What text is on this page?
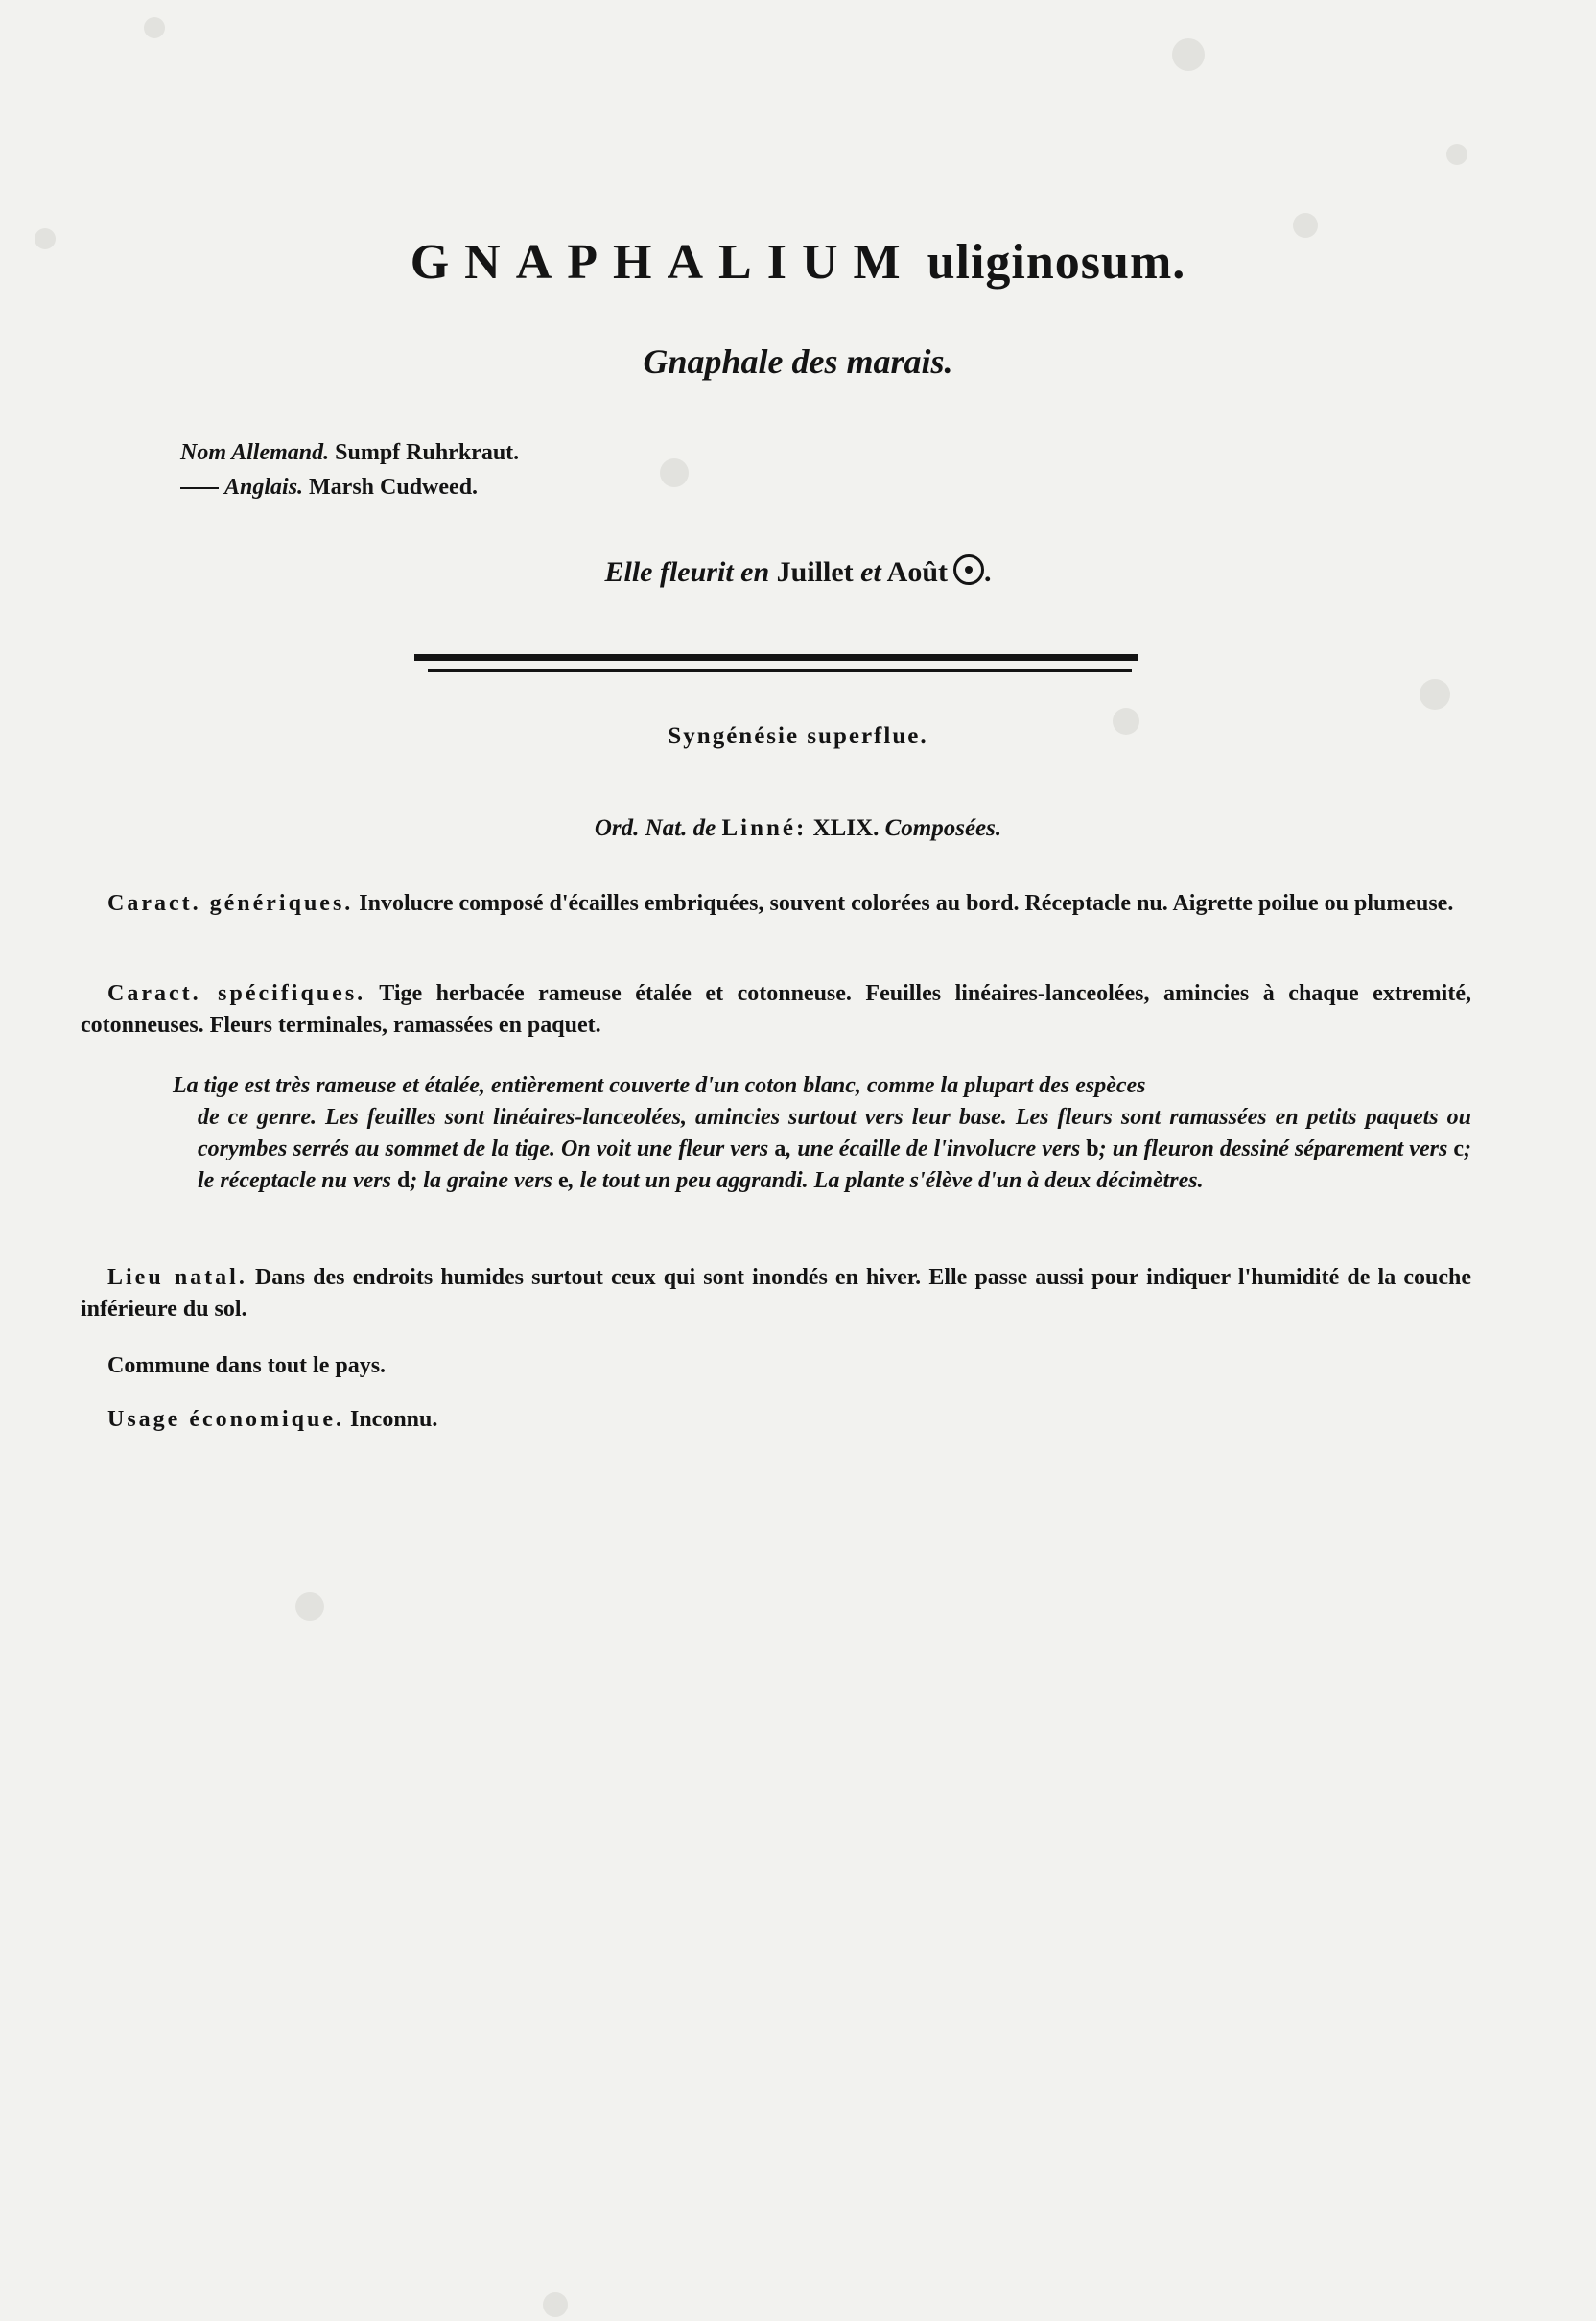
GNAPHALIUM uliginosum.
Gnaphale des marais.
Nom Allemand. Sumpf Ruhrkraut.
Anglais. Marsh Cudweed.
Elle fleurit en Juillet et Août .
Syngénésie superflue.
Ord. Nat. de Linné: XLIX. Composées.
Caract. génériques. Involucre composé d'écailles embriquées, souvent colorées au bord. Réceptacle nu. Aigrette poilue ou plumeuse.
Caract. spécifiques. Tige herbacée rameuse étalée et cotonneuse. Feuilles linéaires-lanceolées, amincies à chaque extremité, cotonneuses. Fleurs terminales, ramassées en paquet.
La tige est très rameuse et étalée, entièrement couverte d'un coton blanc, comme la plupart des espèces
de ce genre. Les feuilles sont linéaires-lanceolées, amincies surtout vers leur base. Les fleurs sont ramassées en petits paquets ou corymbes serrés au sommet de la tige. On voit une fleur vers a, une écaille de l'involucre vers b; un fleuron dessiné séparement vers c; le réceptacle nu vers d; la graine vers e, le tout un peu aggrandi. La plante s'élève d'un à deux décimètres.
Lieu natal. Dans des endroits humides surtout ceux qui sont inondés en hiver. Elle passe aussi pour indiquer l'humidité de la couche inférieure du sol.
Commune dans tout le pays.
Usage économique. Inconnu.
